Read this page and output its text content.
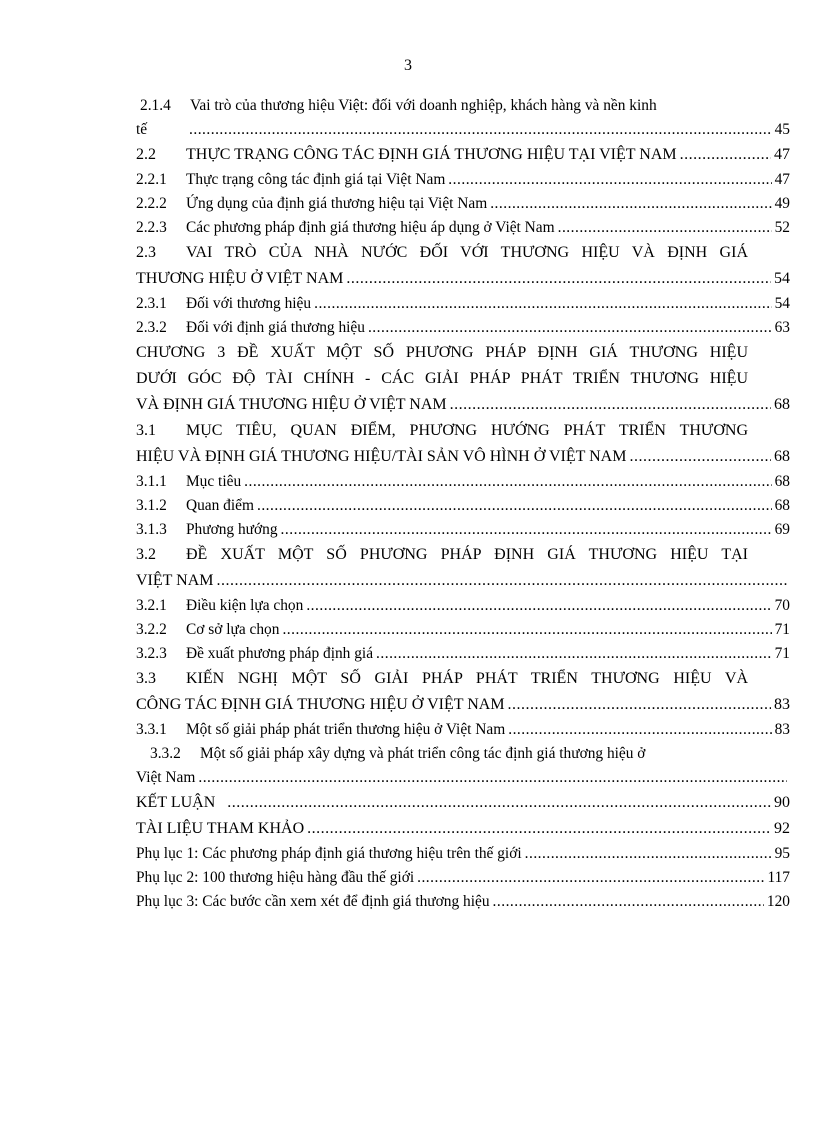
3
2.1.4 Vai trò của thương hiệu Việt: đối với doanh nghiệp, khách hàng và nền kinh
tế .....	45
2.2	THỰC TRẠNG CÔNG TÁC ĐỊNH GIÁ THƯƠNG HIỆU TẠI VIỆT NAM .....	47
2.2.1	Thực trạng công tác định giá tại Việt Nam .....	47
2.2.2	Ứng dụng của định giá thương hiệu tại Việt Nam .....	49
2.2.3	Các phương pháp định giá thương hiệu áp dụng ở Việt Nam .....	52
2.3 VAI TRÒ CỦA NHÀ NƯỚC ĐỐI VỚI THƯƠNG HIỆU VÀ ĐỊNH GIÁ
THƯƠNG HIỆU Ở VIỆT NAM .....	54
2.3.1	Đối với thương hiệu .....	54
2.3.2	Đối với định giá thương hiệu .....	63
CHƯƠNG 3 ĐỀ XUẤT MỘT SỐ PHƯƠNG PHÁP ĐỊNH GIÁ THƯƠNG HIỆU
DƯỚI GÓC ĐỘ TÀI CHÍNH - CÁC GIẢI PHÁP PHÁT TRIỂN THƯƠNG HIỆU
VÀ ĐỊNH GIÁ THƯƠNG HIỆU Ở VIỆT NAM .....	68
3.1 MỤC TIÊU, QUAN ĐIỂM, PHƯƠNG HƯỚNG PHÁT TRIỂN THƯƠNG
HIỆU VÀ ĐỊNH GIÁ THƯƠNG HIỆU/TÀI SẢN VÔ HÌNH Ở VIỆT NAM .....	68
3.1.1	Mục tiêu .....	68
3.1.2	Quan điểm .....	68
3.1.3	Phương hướng .....	69
3.2 ĐỀ XUẤT MỘT SỐ PHƯƠNG PHÁP ĐỊNH GIÁ THƯƠNG HIỆU TẠI
VIỆT NAM
.....
3.2.1	Điều kiện lựa chọn .....	70
3.2.2	Cơ sở lựa chọn .....	71
3.2.3	Đề xuất phương pháp định giá .....	71
3.3 KIẾN NGHỊ MỘT SỐ GIẢI PHÁP PHÁT TRIỂN THƯƠNG HIỆU VÀ
CÔNG TÁC ĐỊNH GIÁ THƯƠNG HIỆU Ở VIỆT NAM .....	83
3.3.1	Một số giải pháp phát triển thương hiệu ở Việt Nam .....	83
3.3.2 Một số giải pháp xây dựng và phát triển công tác định giá thương hiệu ở
Việt Nam
.....
KẾT LUẬN .....	90
TÀI LIỆU THAM KHẢO .....	92
Phụ lục 1: Các phương pháp định giá thương hiệu trên thế giới .....	95
Phụ lục 2: 100 thương hiệu hàng đầu thế giới .....	117
Phụ lục 3: Các bước cần xem xét để định giá thương hiệu .....	120
